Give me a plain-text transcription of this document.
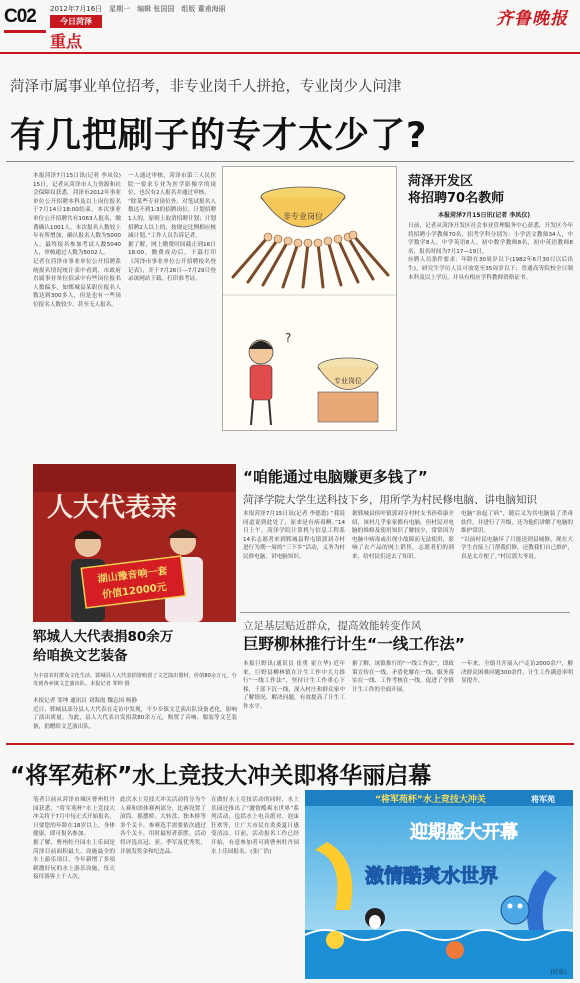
C02 2012年7月16日　星期一　编辑 张国国　组版 董甫海丽
今日菏泽
重点
齐鲁晚报
菏泽市属事业单位招考，非专业岗千人拼抢，专业岗少人问津
有几把刷子的专才太少了?
本报菏泽7月15日讯(记者 李凤仪) 15日，记者从菏泽市人力资源和社会保障局获悉，菏泽市2012年事业单位公开招聘本科及以上岗位报名于7月14日18:00结束，本次事业单位公开招聘共有1063人报名，缴费确认1001人。本次报名人数较上年有所增加，确认报名人数为5000人，最终报名参加考试人数5040人，审核通过人数为5002人。
记者在菏泽市事业单位公开招聘系统报名情况统计表中看到，市政府直属事业单位招录中有些岗位报名人数偏多，如鄄城县某职位报名人数达到300多人，但是也有一些岗位报名人数较少，甚至无人报名。
一人通过审核，菏泽市第三人民医院一要求专业为医学影像学的岗位，也仅有2人报名并通过审核。
“除某些专业岗位外，对笔试报名人数达不到1:3的招聘岗位，计划招聘1人的，原则上取消招聘计划；计划招聘2人以上的，按规定比例相应核减计划。”工作人员告诉记者。
据了解，网上缴费时间截止到16日18:00，缴费成功后，下载打印《菏泽市事业单位公开招聘报名登记表》，并于7月26日—7月29日登录该网站下载、打印准考证。
非专业岗位
专业岗位
?
菏泽开发区
将招聘70名教师
本报菏泽7月15日讯(记者 李凤仪)
日前，记者从菏泽开发区社会事业管理服务中心获悉，开发区今年将招聘小学教师70名，招考学科分别为：小学语文教师34人，中学数学8人，中学英语8人。初中数学教师8名，初中英语教师8名，报名时间为7月17—19日。
应聘人员条件要求：年龄在30周岁以下(1982年6月30日以后出生)，研究生学历人员可放宽至35周岁以下；普通高等院校全日制本科及以上学历，并具有相应学科教师资格证书。
人大代表亲
湖山豫音响一套
价值12000元
郓城人大代表捐80余万
给咱换文艺装备
为丰富农村群众文化生活，郓城县人大代表捐资购置了文艺演出器材，价值80余万元，分发到各乡镇文艺演出队。本报记者 邹坤 摄
本报记者 邹坤 通讯员 刘海霞 魏志国 杨静
近日，郓城县部分县人大代表在走访中发现，不少乡镇文艺演出队设备老化，影响了演出质量。为此，县人大代表自发捐款80余万元，购置了音响、服装等文艺装备，捐赠给文艺演出队。
“咱能通过电脑赚更多钱了”
菏泽学院大学生送科技下乡，用所学为村民修电脑、讲电脑知识
本报菏泽7月15日讯(记者 李德恩) “我说同道说到此处了，原来是有病毒啊。”14日上午，菏泽学院计算机与信息工程系14名志愿者来到郓城县程屯镇郭刘寺村进行为期一周的“三下乡”活动，义务为村民修电脑，讲电脑知识。
据郓城县侯叶镇郭刘寺村村支书孙希康介绍，该村几乎家家都有电脑，但村民对电脑的维修及使用知识了解较少，常常因为电脑中病毒或出现小故障而无法使用，影响了农产品的网上销售。志愿者们的到来，给村民们送去了知识。
电脑“治起了病”，随后又为其电脑装了杀毒软件，并进行了升级，还为他们讲解了电脑的维护常识。
“以前村民电脑坏了只能送到县城修，现在大学生直接上门帮我们修，还教我们自己维护，真是太方便了。”村民郭大爷说。
立足基层贴近群众，提高效能转变作风
巨野柳林推行计生“一线工作法”
本报巨野讯(通讯员 崔勇 霍立华) 近年来，巨野县柳林镇在计生工作中大力推行“一线工作法”，坚持计生工作重心下移，干部下沉一线，深入村庄和群众家中了解情况、解决问题，有效提高了计生工作水平。
据了解，该镇推行的“一线工作法”，即政策宣传在一线、矛盾化解在一线、服务落实在一线、工作考核在一线，促进了全镇计生工作的全面开展。
一年来，全镇共开展入户走访2000余户，解决群众困难问题300余件，计生工作满意率明显提升。
“将军苑杯”水上竞技大冲关即将华丽启幕
笔者日前从菏泽市城区曹州牡丹园获悉，“将军苑杯”水上竞技大冲关将于7月中旬正式开始报名，只要您的年龄在18岁以上，身体健康，即可报名参加。
据了解，曹州牡丹园水上乐园是菏泽目前面积最大、设施最全的水上游乐项目，今年新增了多项刺激好玩的水上游乐设施，每天接待游客上千人次。
此次水上竞技大冲关活动将分为个人赛和团体赛两部分，比赛设置了滚筒、摇摆桥、大转盘、独木桥等多个关卡，参赛选手需要依次通过各个关卡，用时最短者获胜。活动将评选出冠、亚、季军及优秀奖，并颁发奖金和纪念品。
在做好水上竞技活动的同时，水上乐园还推出了“激情酷爽水世界”系列活动，包括水上电音派对、泡沫狂欢等，让广大市民在炎炎夏日感受清凉。目前，活动报名工作已经开始，有意参加者可到曹州牡丹园水上乐园报名。(张广浩)
“将军苑杯”水上竞技大冲关	将军苑
迎期盛大开幕
激情酷爽水世界
(转版)
